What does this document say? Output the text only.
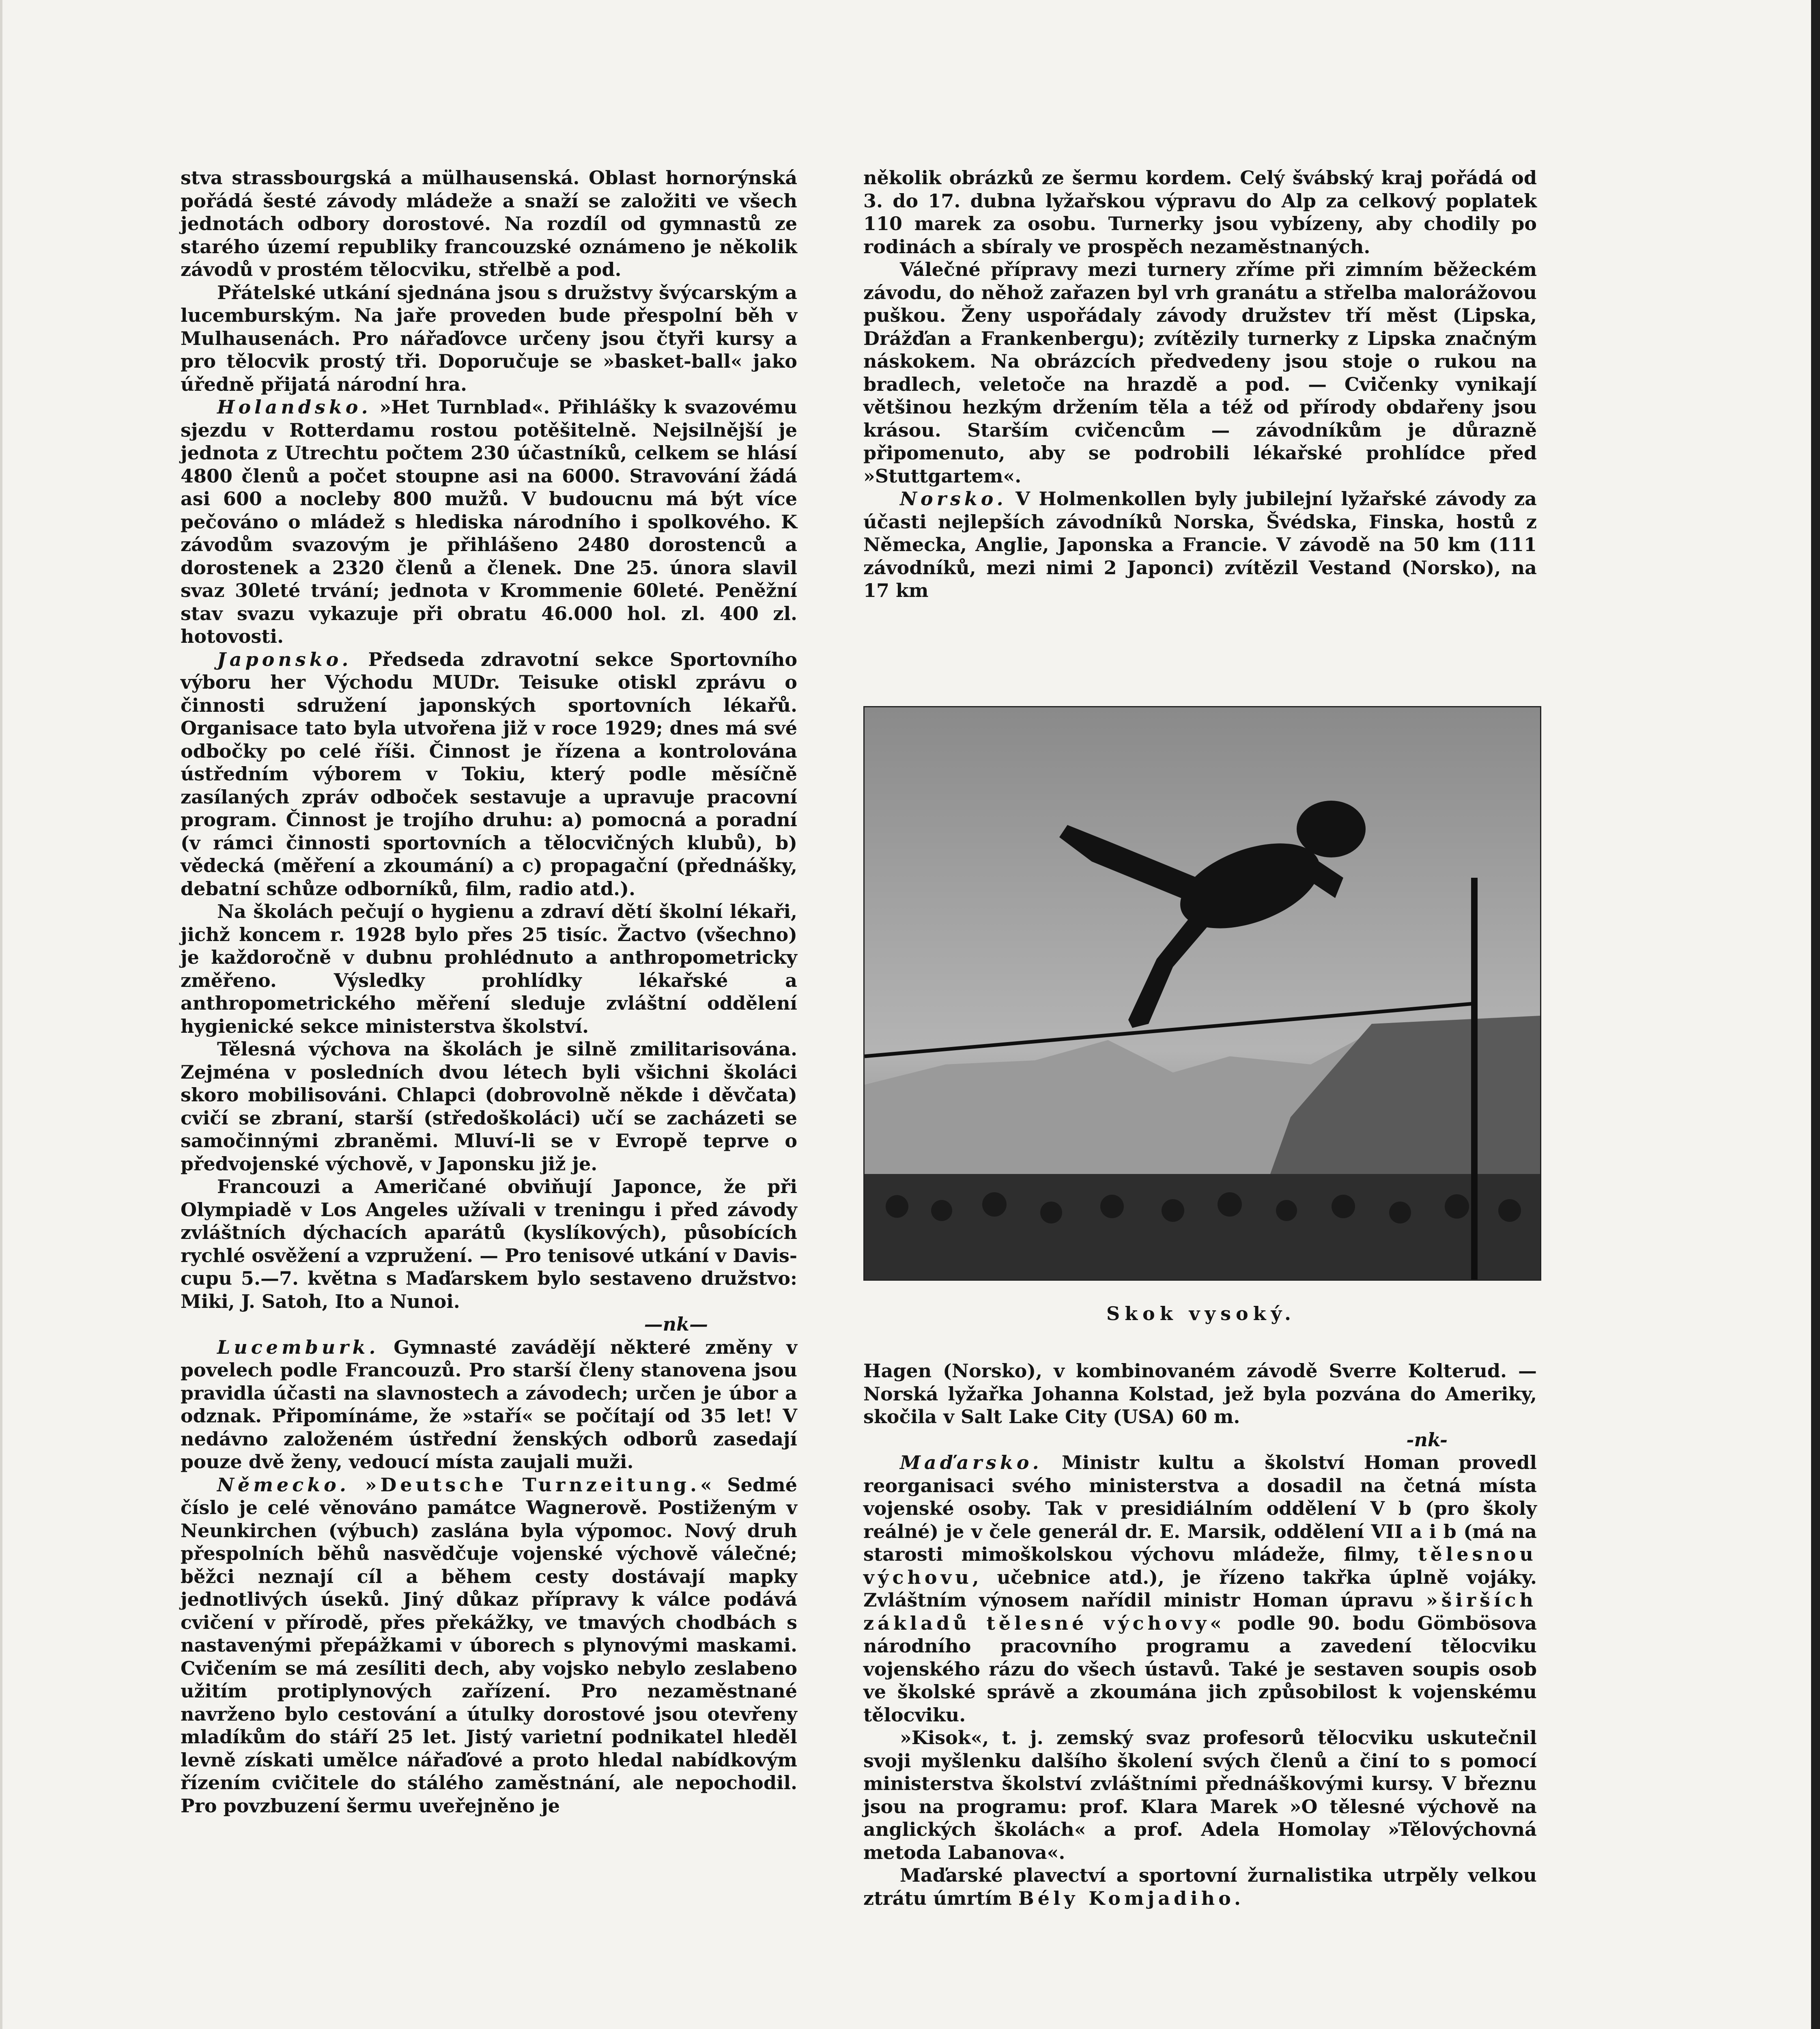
stva strassbourgská a mülhausenská. Oblast hornorýnská pořádá šesté závody mládeže a snaží se založiti ve všech jednotách odbory dorostové. Na rozdíl od gymnastů ze starého území republiky francouzské oznámeno je několik závodů v prostém tělocviku, střelbě a pod.

Přátelské utkání sjednána jsou s družstvy švýcarským a lucemburským. Na jaře proveden bude přespolní běh v Mulhausenách. Pro nářaďovce určeny jsou čtyři kursy a pro tělocvik prostý tři. Doporučuje se »basket-ball« jako úředně přijatá národní hra.

Holandsko. »Het Turnblad«. Přihlášky k svazovému sjezdu v Rotterdamu rostou potěšitelně. Nejsilnější je jednota z Utrechtu počtem 230 účastníků, celkem se hlásí 4800 členů a počet stoupne asi na 6000. Stravování žádá asi 600 a nocleby 800 mužů. V budoucnu má být více pečováno o mládež s hlediska národního i spolkového. K závodům svazovým je přihlášeno 2480 dorostenců a dorostenek a 2320 členů a členek. Dne 25. února slavil svaz 30leté trvání; jednota v Krommenie 60leté. Peněžní stav svazu vykazuje při obratu 46.000 hol. zl. 400 zl. hotovosti.

Japonsko. Předseda zdravotní sekce Sportovního výboru her Východu MUDr. Teisuke otiskl zprávu o činnosti sdružení japonských sportovních lékařů. Organisace tato byla utvořena již v roce 1929; dnes má své odbočky po celé říši. Činnost je řízena a kontrolována ústředním výborem v Tokiu, který podle měsíčně zasílaných zpráv odboček sestavuje a upravuje pracovní program. Činnost je trojího druhu: a) pomocná a poradní (v rámci činnosti sportovních a tělocvičných klubů), b) vědecká (měření a zkoumání) a c) propagační (přednášky, debatní schůze odborníků, film, radio atd.).

Na školách pečují o hygienu a zdraví dětí školní lékaři, jichž koncem r. 1928 bylo přes 25 tisíc. Žactvo (všechno) je každoročně v dubnu prohlédnuto a anthropometricky změřeno. Výsledky prohlídky lékařské a anthropometrického měření sleduje zvláštní oddělení hygienické sekce ministerstva školství.

Tělesná výchova na školách je silně zmilitarisována. Zejména v posledních dvou létech byli všichni školáci skoro mobilisováni. Chlapci (dobrovolně někde i děvčata) cvičí se zbraní, starší (středoškoláci) učí se zacházeti se samočinnými zbraněmi. Mluví-li se v Evropě teprve o předvojenské výchově, v Japonsku již je.

Francouzi a Američané obviňují Japonce, že při Olympiadě v Los Angeles užívali v treningu i před závody zvláštních dýchacích aparátů (kyslíkových), působících rychlé osvěžení a vzpružení. — Pro tenisové utkání v Davis-cupu 5.—7. května s Maďarskem bylo sestaveno družstvo: Miki, J. Satoh, Ito a Nunoi.

—nk—

Lucemburk. Gymnasté zavádějí některé změny v povelech podle Francouzů. Pro starší členy stanovena jsou pravidla účasti na slavnostech a závodech; určen je úbor a odznak. Připomínáme, že »staří« se počítají od 35 let! V nedávno založeném ústřední ženských odborů zasedají pouze dvě ženy, vedoucí místa zaujali muži.

Německo. »Deutsche Turnzeitung.« Sedmé číslo je celé věnováno památce Wagnerově. Postiženým v Neunkirchen (výbuch) zaslána byla výpomoc. Nový druh přespolních běhů nasvědčuje vojenské výchově válečné; běžci neznají cíl a během cesty dostávají mapky jednotlivých úseků. Jiný důkaz přípravy k válce podává cvičení v přírodě, přes překážky, ve tmavých chodbách s nastavenými přepážkami v úborech s plynovými maskami. Cvičením se má zesíliti dech, aby vojsko nebylo zeslabeno užitím protiplynových zařízení. Pro nezaměstnané navrženo bylo cestování a útulky dorostové jsou otevřeny mladíkům do stáří 25 let. Jistý varietní podnikatel hleděl levně získati umělce nářaďové a proto hledal nabídkovým řízením cvičitele do stálého zaměstnání, ale nepochodil. Pro povzbuzení šermu uveřejněno je

několik obrázků ze šermu kordem. Celý švábský kraj pořádá od 3. do 17. dubna lyžařskou výpravu do Alp za celkový poplatek 110 marek za osobu. Turnerky jsou vybízeny, aby chodily po rodinách a sbíraly ve prospěch nezaměstnaných.

Válečné přípravy mezi turnery zříme při zimním běžeckém závodu, do něhož zařazen byl vrh granátu a střelba malorážovou puškou. Ženy uspořádaly závody družstev tří měst (Lipska, Drážďan a Frankenbergu); zvítězily turnerky z Lipska značným náskokem. Na obrázcích předvedeny jsou stoje o rukou na bradlech, veletoče na hrazdě a pod. — Cvičenky vynikají většinou hezkým držením těla a též od přírody obdařeny jsou krásou. Starším cvičencům — závodníkům je důrazně připomenuto, aby se podrobili lékařské prohlídce před »Stuttgartem«.

Norsko. V Holmenkollen byly jubilejní lyžařské závody za účasti nejlepších závodníků Norska, Švédska, Finska, hostů z Německa, Anglie, Japonska a Francie. V závodě na 50 km (111 závodníků, mezi nimi 2 Japonci) zvítězil Vestand (Norsko), na 17 km

Skok vysoký.

Hagen (Norsko), v kombinovaném závodě Sverre Kolterud. — Norská lyžařka Johanna Kolstad, jež byla pozvána do Ameriky, skočila v Salt Lake City (USA) 60 m.

-nk-

Maďarsko. Ministr kultu a školství Homan provedl reorganisaci svého ministerstva a dosadil na četná místa vojenské osoby. Tak v presidiálním oddělení V b (pro školy reálné) je v čele generál dr. E. Marsik, oddělení VII a i b (má na starosti mimoškolskou výchovu mládeže, filmy, tělesnou výchovu, učebnice atd.), je řízeno takřka úplně vojáky. Zvláštním výnosem nařídil ministr Homan úpravu »širších základů tělesné výchovy« podle 90. bodu Gömbösova národního pracovního programu a zavedení tělocviku vojenského rázu do všech ústavů. Také je sestaven soupis osob ve školské správě a zkoumána jich způsobilost k vojenskému tělocviku.

»Kisok«, t. j. zemský svaz profesorů tělocviku uskutečnil svoji myšlenku dalšího školení svých členů a činí to s pomocí ministerstva školství zvláštními přednáškovými kursy. V březnu jsou na programu: prof. Klara Marek »O tělesné výchově na anglických školách« a prof. Adela Homolay »Tělovýchovná metoda Labanova«.

Maďarské plavectví a sportovní žurnalistika utrpěly velkou ztrátu úmrtím Bély Komjadiho.
